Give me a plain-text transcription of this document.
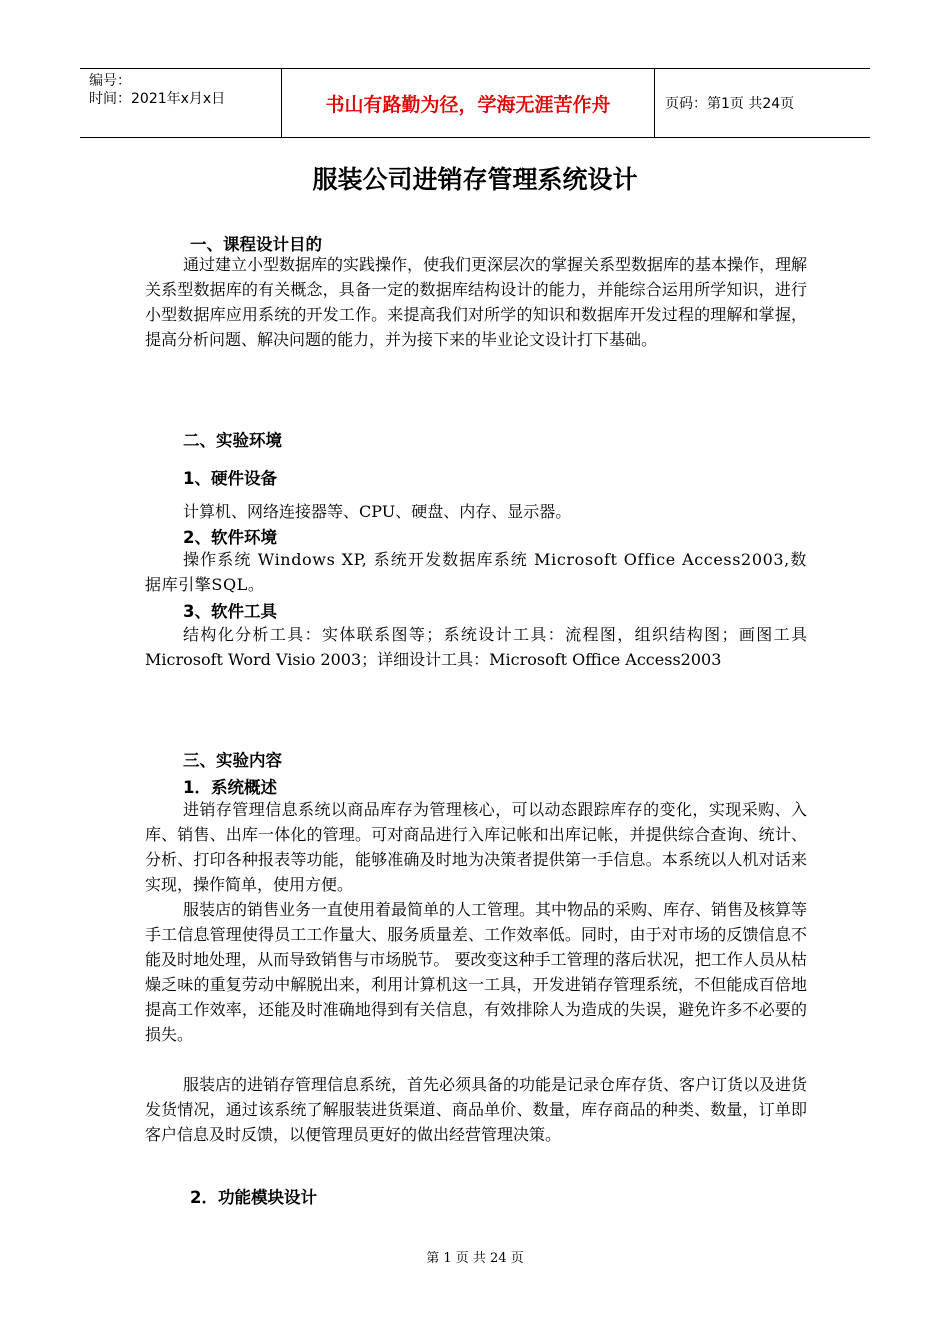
编号：
时间：2021年x月x日	书山有路勤为径，学海无涯苦作舟	页码：第1页 共24页
服装公司进销存管理系统设计
一、课程设计目的

通过建立小型数据库的实践操作，使我们更深层次的掌握关系型数据库的基本操作，理解关系型数据库的有关概念，具备一定的数据库结构设计的能力，并能综合运用所学知识，进行小型数据库应用系统的开发工作。来提高我们对所学的知识和数据库开发过程的理解和掌握，提高分析问题、解决问题的能力，并为接下来的毕业论文设计打下基础。

二、实验环境
1、硬件设备
计算机、网络连接器等、CPU、硬盘、内存、显示器。
2、软件环境

操作系统 Windows XP, 系统开发数据库系统 Microsoft Office Access2003,数据库引擎SQL。

3、软件工具

结构化分析工具：实体联系图等；系统设计工具：流程图，组织结构图；画图工具Microsoft Word Visio 2003；详细设计工具：Microsoft Office Access2003

三、实验内容
1．系统概述

进销存管理信息系统以商品库存为管理核心，可以动态跟踪库存的变化，实现采购、入库、销售、出库一体化的管理。可对商品进行入库记帐和出库记帐，并提供综合查询、统计、分析、打印各种报表等功能，能够准确及时地为决策者提供第一手信息。本系统以人机对话来实现，操作简单，使用方便。

服装店的销售业务一直使用着最简单的人工管理。其中物品的采购、库存、销售及核算等手工信息管理使得员工工作量大、服务质量差、工作效率低。同时，由于对市场的反馈信息不能及时地处理，从而导致销售与市场脱节。 要改变这种手工管理的落后状况，把工作人员从枯燥乏味的重复劳动中解脱出来，利用计算机这一工具，开发进销存管理系统，不但能成百倍地提高工作效率，还能及时准确地得到有关信息，有效排除人为造成的失误，避免许多不必要的损失。

服装店的进销存管理信息系统，首先必须具备的功能是记录仓库存货、客户订货以及进货发货情况，通过该系统了解服装进货渠道、商品单价、数量，库存商品的种类、数量，订单即客户信息及时反馈，以便管理员更好的做出经营管理决策。

2．功能模块设计
第 1 页 共 24 页
